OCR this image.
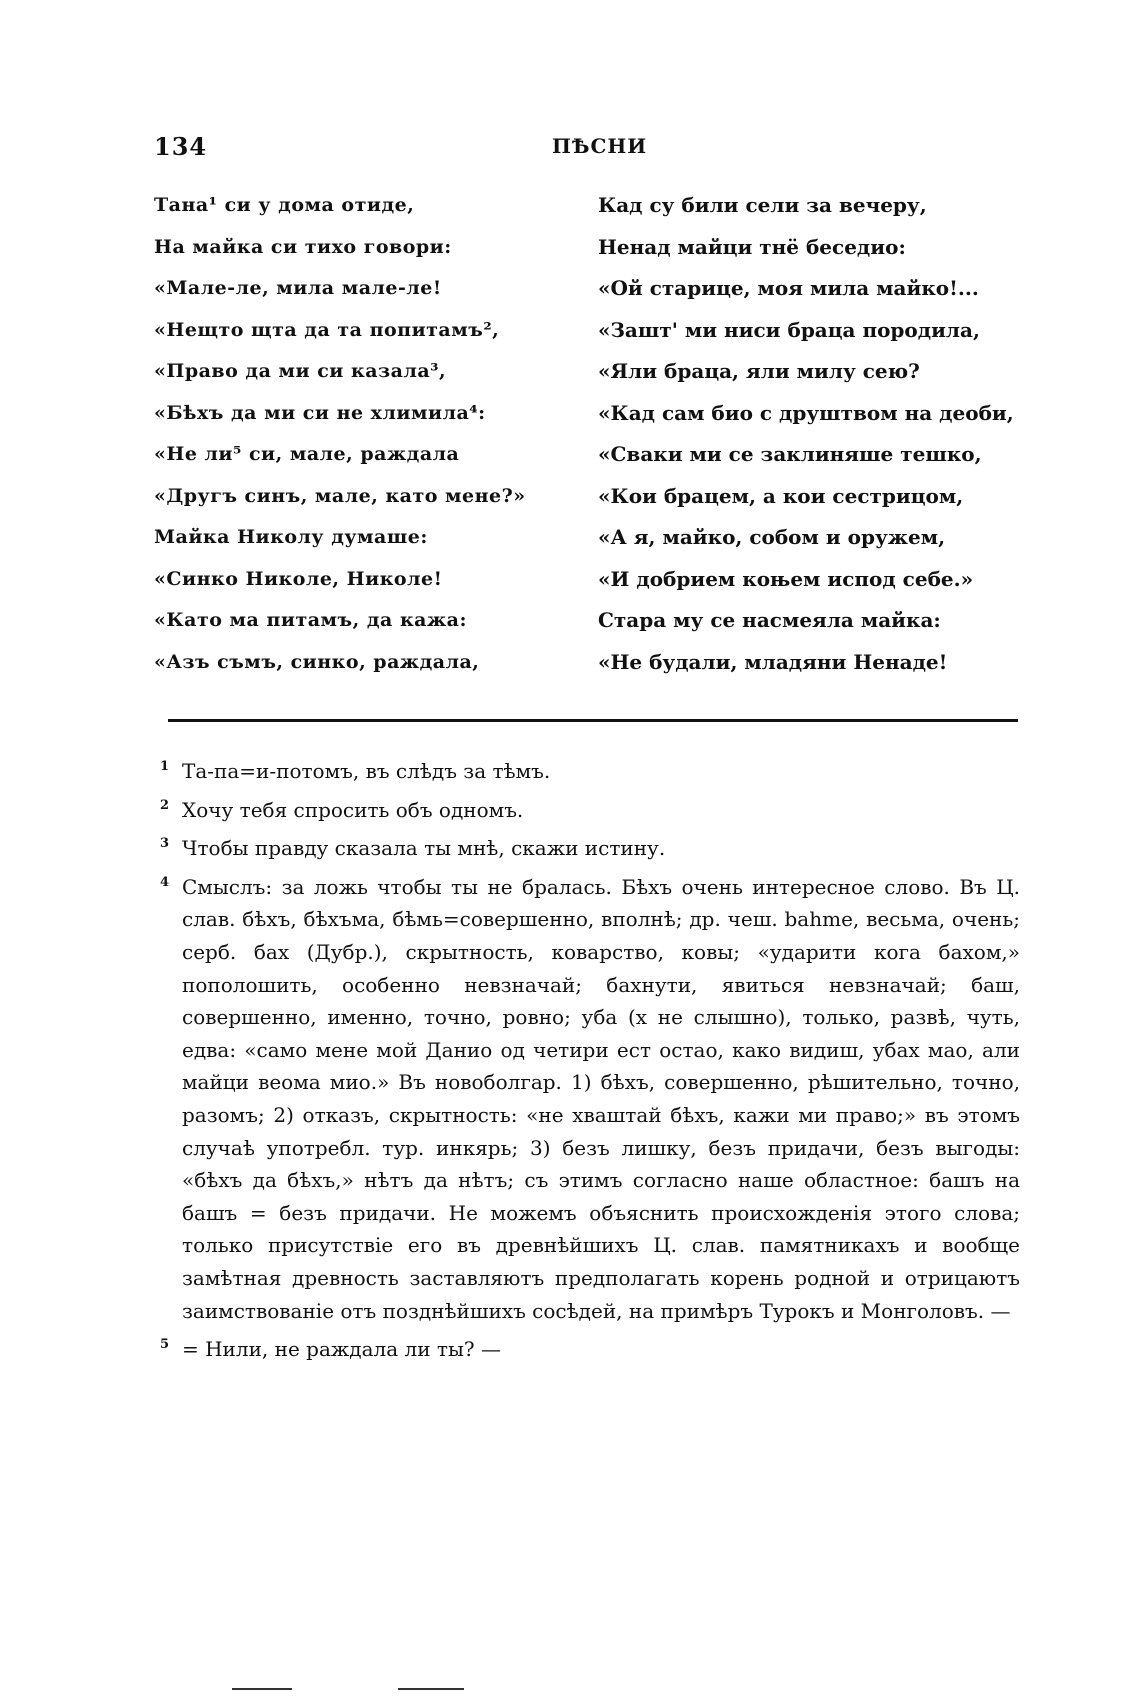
134	ПѢСНИ
Тана¹ си у дома отиде,
На майка си тихо говори:
«Мале-ле, мила мале-ле!
«Нещто щта да та попитамъ²,
«Право да ми си казала³,
«Бѣхъ да ми си не хлимила⁴:
«Не ли⁵ си, мале, раждала
«Другъ синъ, мале, като мене?»
Майка Николу думаше:
«Синко Николе, Николе!
«Като ма питамъ, да кажа:
«Азъ съмъ, синко, раждала,
Кад су били сели за вечеру,
Ненад майци тнё беседио:
«Ой старице, моя мила майко!...
«Зашт' ми ниси браца породила,
«Яли браца, яли милу сею?
«Кад сам био с друштвом на деоби,
«Сваки ми се заклиняше тешко,
«Кои брацем, а кои сестрицом,
«А я, майко, собом и оружем,
«И добрием коњем испод себе.»
Стара му се насмеяла майка:
«Не будали, младяни Ненаде!
1 Та-па=и-потомъ, въ слѣдъ за тѣмъ.
2 Хочу тебя спросить объ одномъ.
3 Чтобы правду сказала ты мнѣ, скажи истину.
4 Смыслъ: за ложь чтобы ты не бралась. Бѣхъ очень интересное слово. Въ Ц. слав. бѣхъ, бѣхъма, бѣмь=совершенно, вполнѣ; др. чеш. bahme, весьма, очень; серб. бах (Дубр.), скрытность, коварство, ковы; «ударити кога бахом,» пополошить, особенно невзначай; бахнути, явиться невзначай; баш, совершенно, именно, точно, ровно; уба (х не слышно), только, развѣ, чуть, едва: «само мене мой Данио од четири ест остао, како видиш, убах мао, али майци веома мио.» Въ новоболгар. 1) бѣхъ, совершенно, рѣшительно, точно, разомъ; 2) отказъ, скрытность: «не хваштай бѣхъ, кажи ми право;» въ этомъ случаѣ употребл. тур. инкярь; 3) безъ лишку, безъ придачи, безъ выгоды: «бѣхъ да бѣхъ,» нѣтъ да нѣтъ; съ этимъ согласно наше областное: башъ на башъ = безъ придачи. Не можемъ объяснить происхожденія этого слова; только присутствіе его въ древнѣйшихъ Ц. слав. памятникахъ и вообще замѣтная древность заставляютъ предполагать корень родной и отрицаютъ заимствованіе отъ позднѣйшихъ сосѣдей, на примѣръ Турокъ и Монголовъ. —
5 = Нили, не раждала ли ты? —
